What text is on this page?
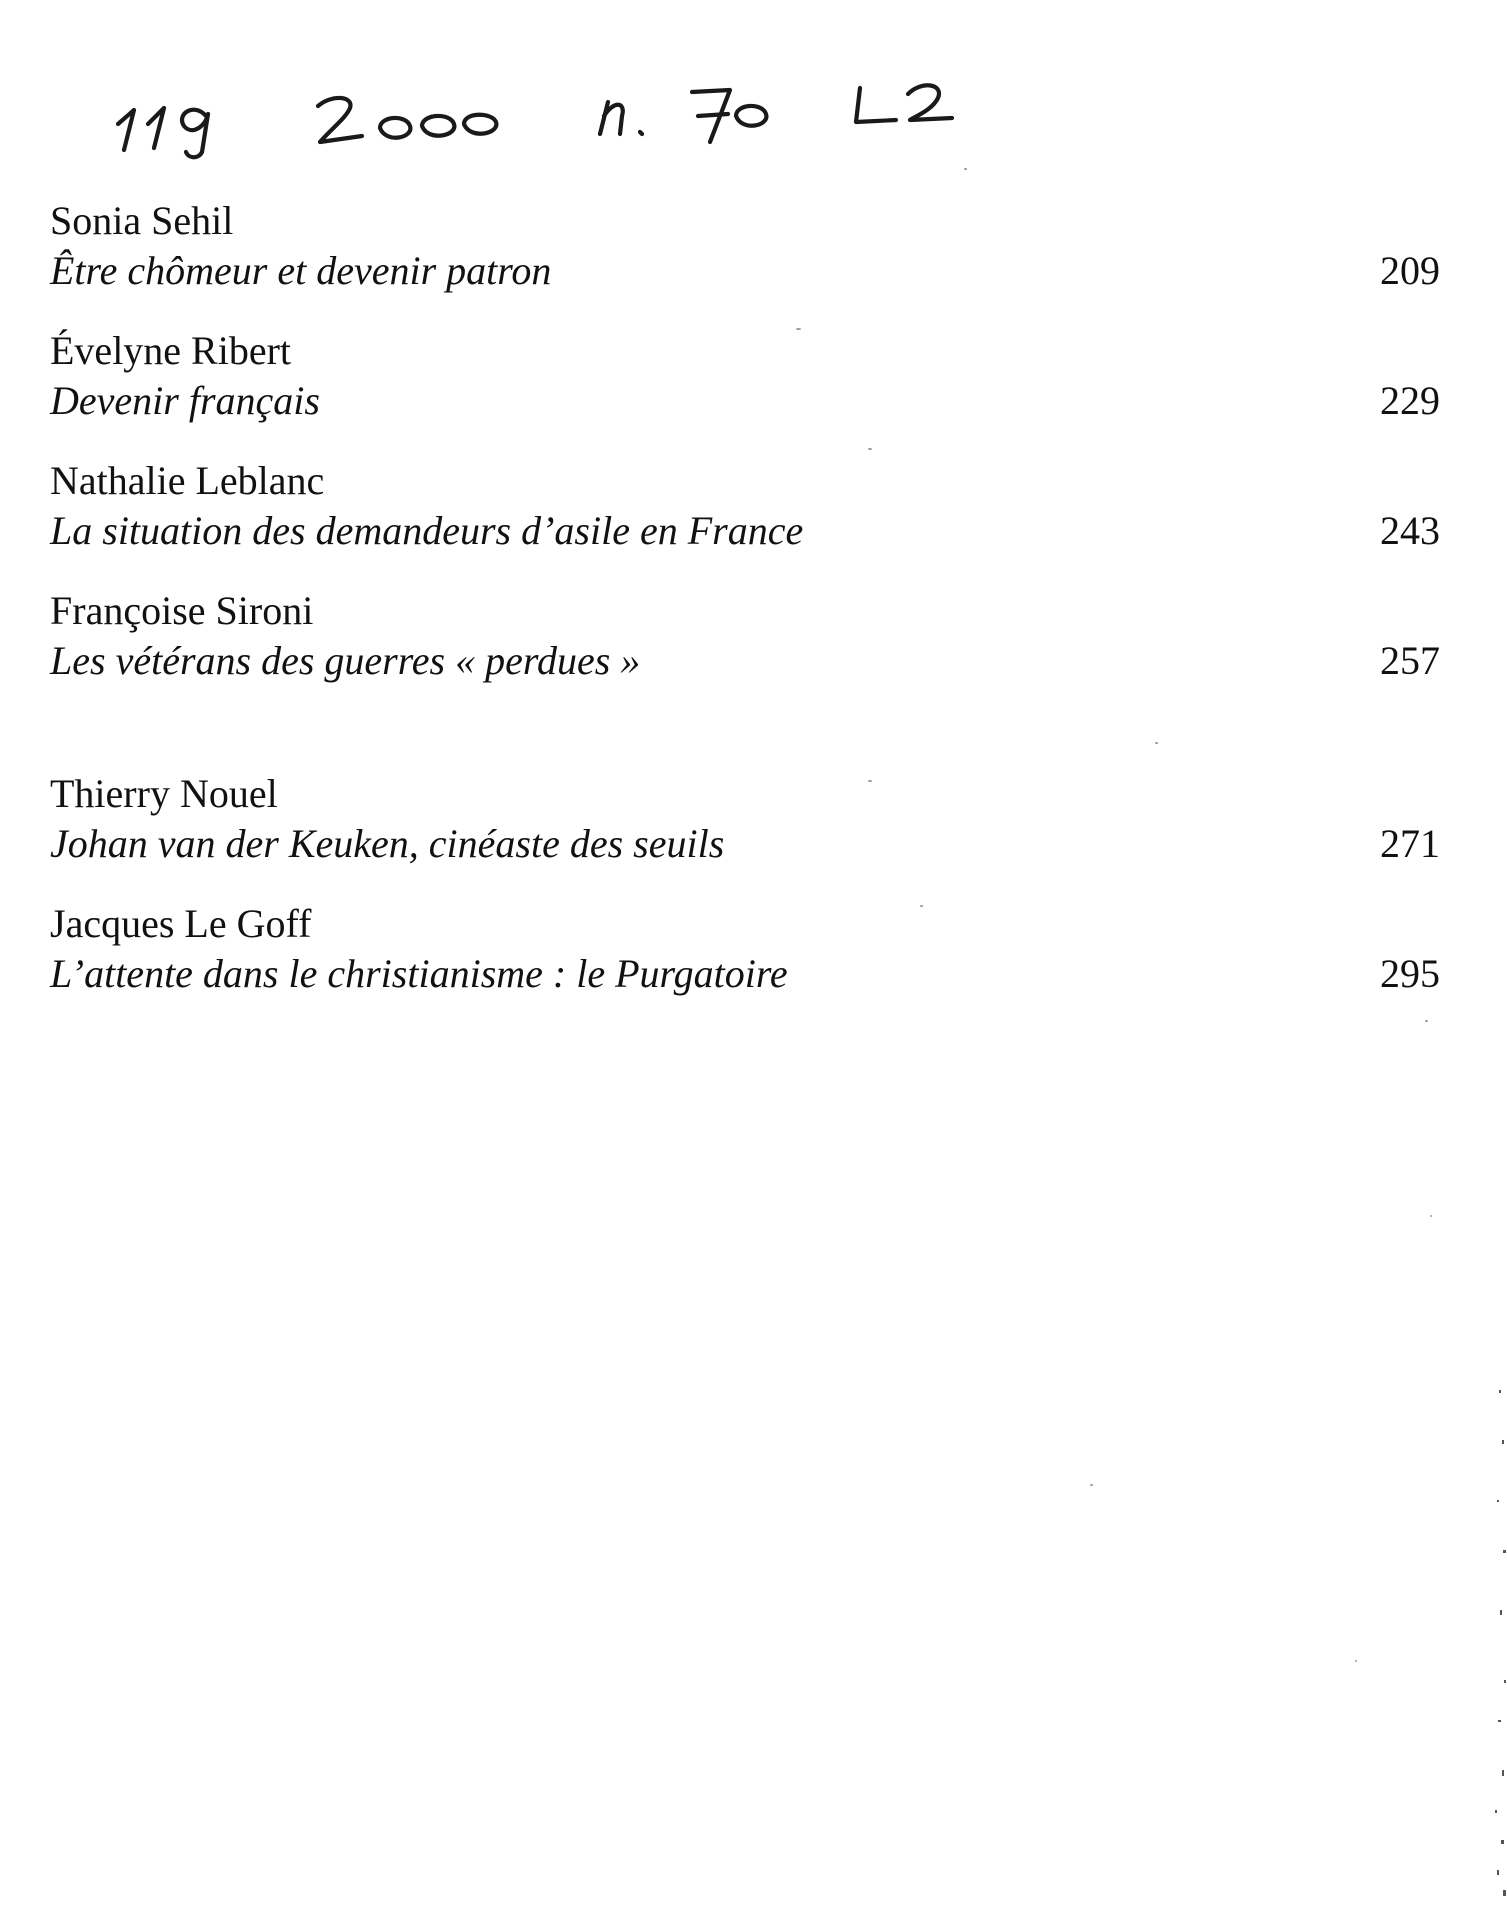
Sonia Sehil
Être chômeur et devenir patron	209
Évelyne Ribert
Devenir français	229
Nathalie Leblanc
La situation des demandeurs d’asile en France	243
Françoise Sironi
Les vétérans des guerres « perdues »	257
Thierry Nouel
Johan van der Keuken, cinéaste des seuils	271
Jacques Le Goff
L’attente dans le christianisme : le Purgatoire	295
